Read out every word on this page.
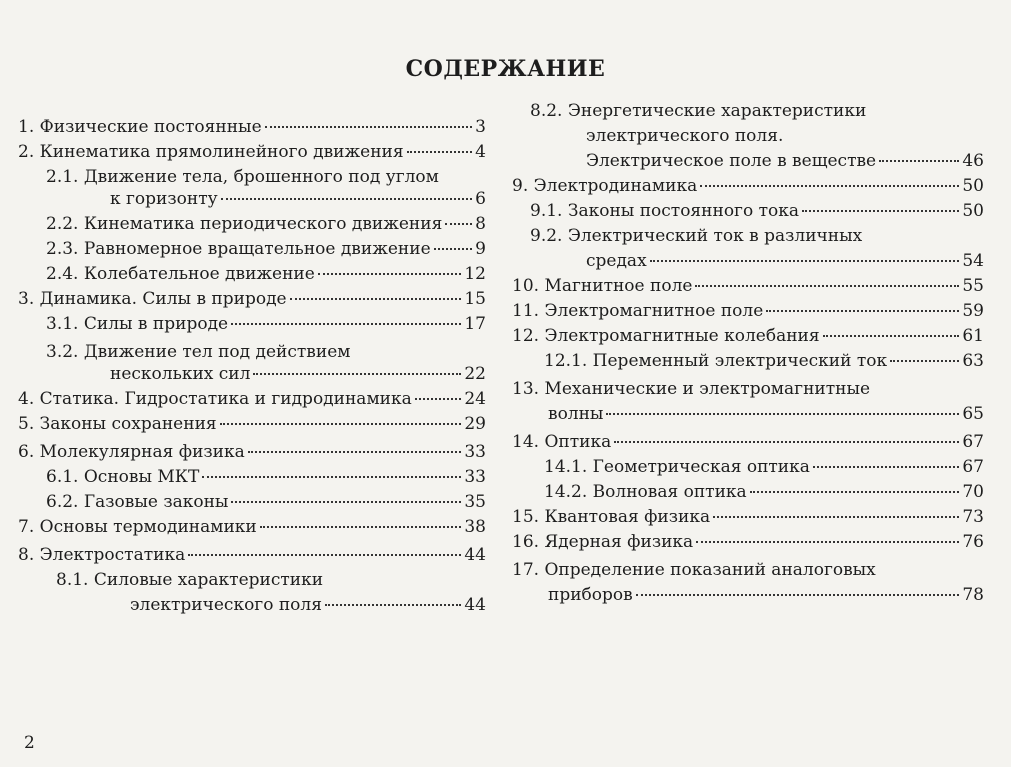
СОДЕРЖАНИЕ
1. Физические постоянные	3
2. Кинематика прямолинейного движения	4
2.1. Движение тела, брошенного под углом
к горизонту	6
2.2. Кинематика периодического движения 8
2.3. Равномерное вращательное движение	9
2.4. Колебательное движение	12
3. Динамика. Силы в природе	15
3.1. Силы в природе	17
3.2. Движение тел под действием
нескольких сил	22
4. Статика. Гидростатика и гидродинамика	24
5. Законы сохранения	29
6. Молекулярная физика	33
6.1. Основы МКТ	33
6.2. Газовые законы	35
7. Основы термодинамики	38
8. Электростатика	44
8.1. Силовые характеристики
электрического поля	44
8.2. Энергетические характеристики
электрического поля.
Электрическое поле в веществе	46
9. Электродинамика	50
9.1. Законы постоянного тока	50
9.2. Электрический ток в различных
средах	54
10. Магнитное поле	55
11. Электромагнитное поле	59
12. Электромагнитные колебания	61
12.1. Переменный электрический ток	63
13. Механические и электромагнитные
волны	65
14. Оптика	67
14.1. Геометрическая оптика	67
14.2. Волновая оптика	70
15. Квантовая физика	73
16. Ядерная физика	76
17. Определение показаний аналоговых
приборов	78
2
